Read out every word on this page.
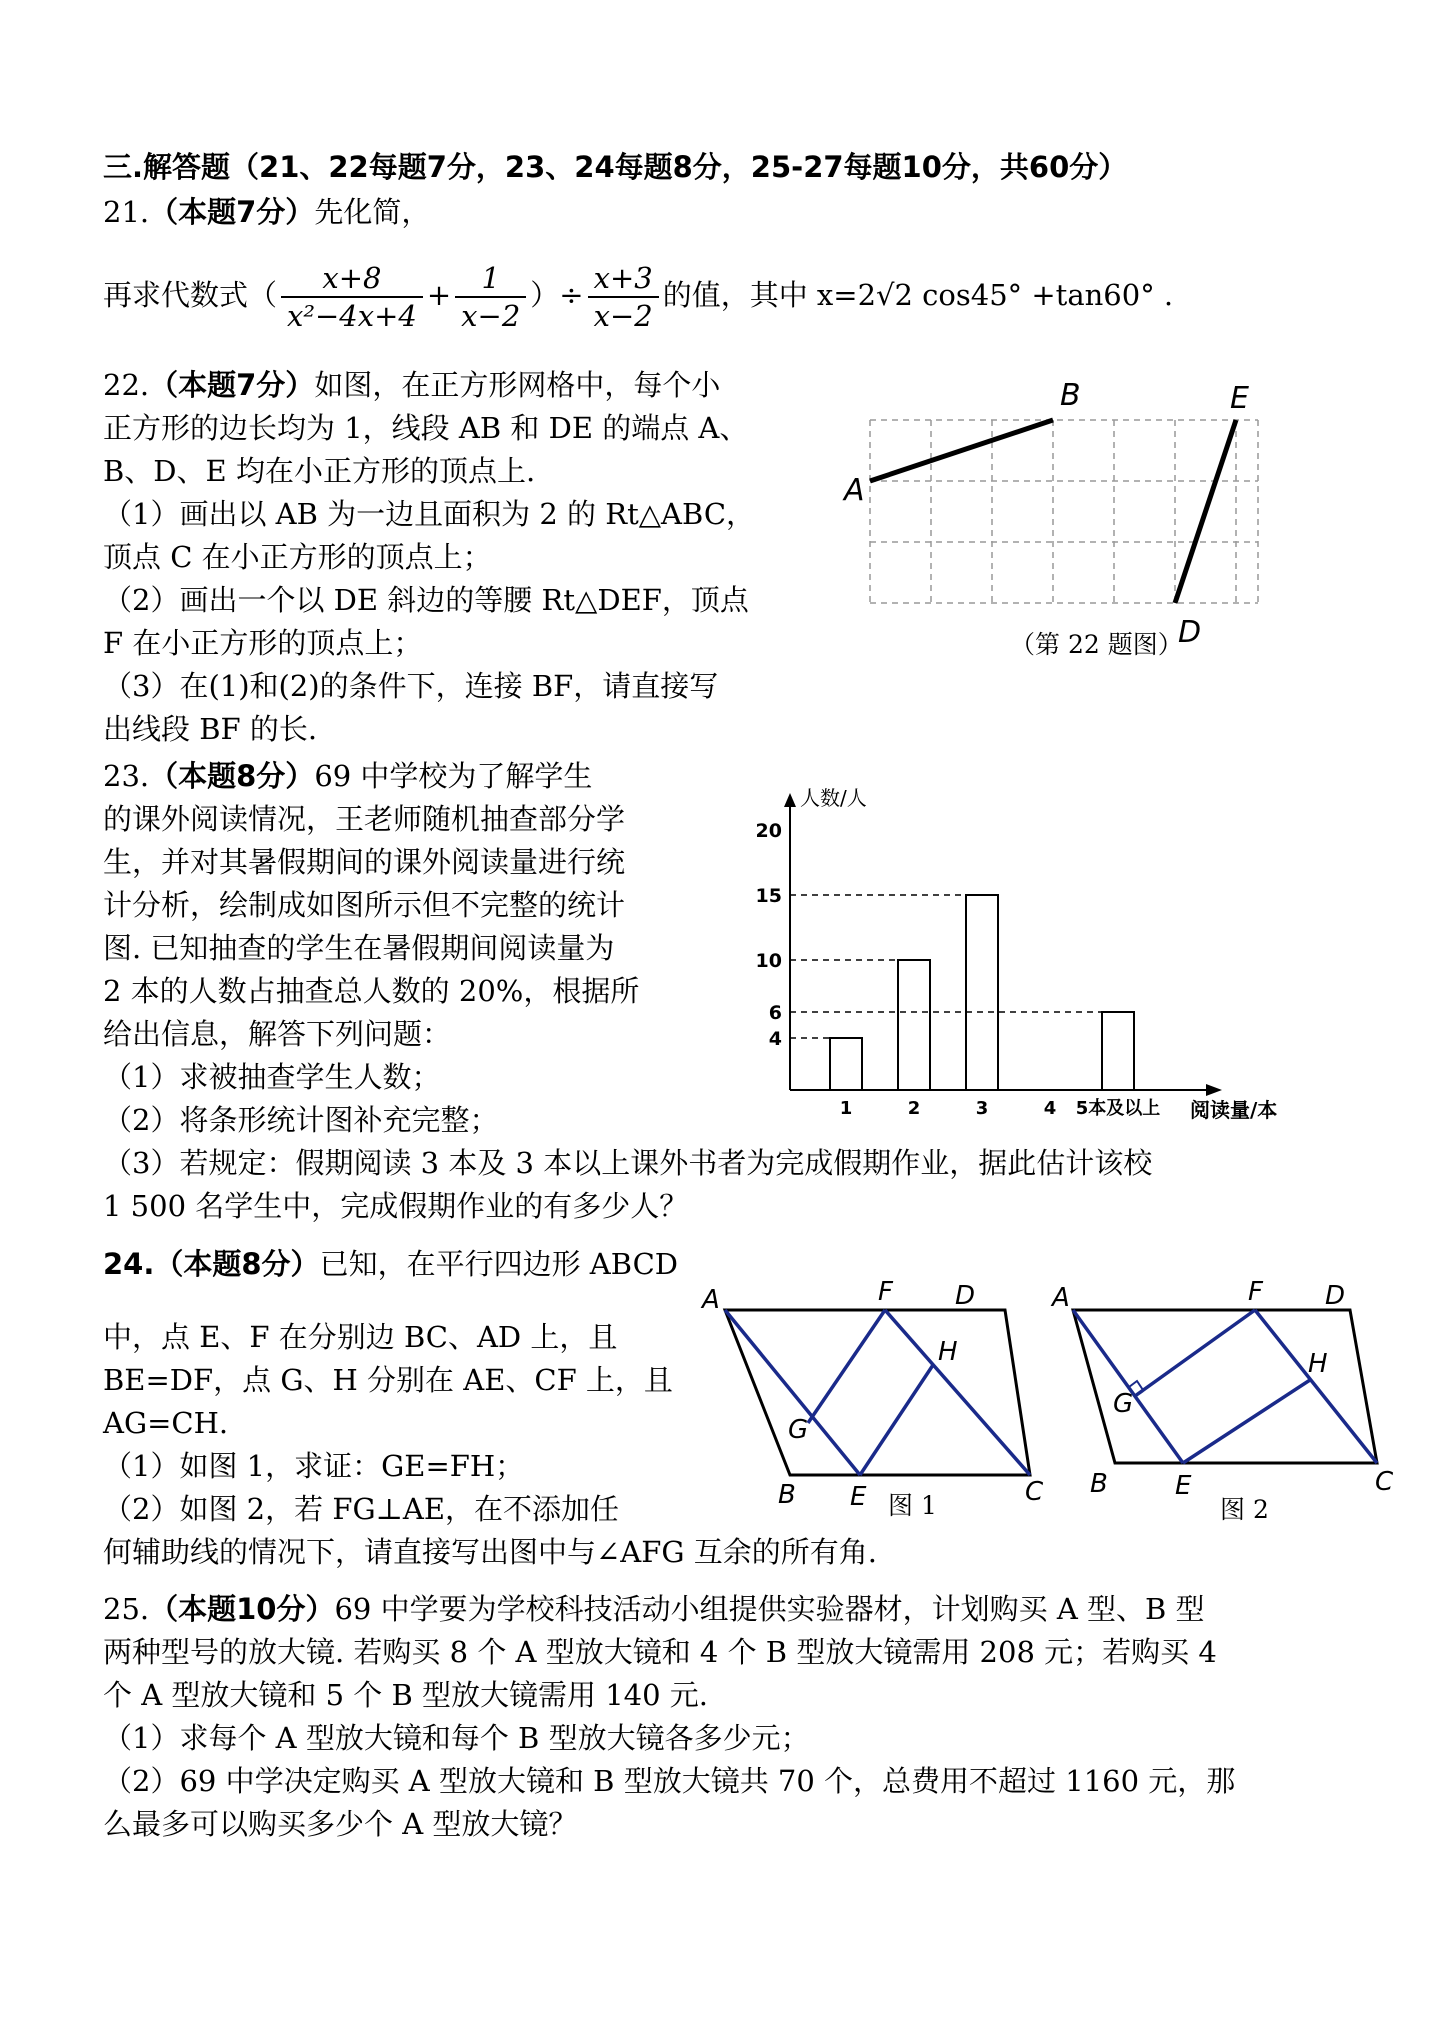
三.解答题（21、22每题7分，23、24每题8分，25-27每题10分，共60分）
21.（本题7分）先化简，
再求代数式（ $\frac{x+8}{\text{x²−4x+4}} + \frac{1}{x-2}$ ）÷ $\frac{x+3}{x-2}$ 的值，其中 x=2√2 cos45° +tan60° .
22.（本题7分）如图，在正方形网格中，每个小
正方形的边长均为 1，线段 AB 和 DE 的端点 A、
B、D、E 均在小正方形的顶点上.
（1）画出以 AB 为一边且面积为 2 的 Rt△ABC，
顶点 C 在小正方形的顶点上；
（2）画出一个以 DE 斜边的等腰 Rt△DEF，顶点
F 在小正方形的顶点上；
（3）在(1)和(2)的条件下，连接 BF，请直接写
出线段 BF 的长.
A
B	E
D
（第 22 题图）
23.（本题8分）69 中学校为了解学生
的课外阅读情况，王老师随机抽查部分学
生，并对其暑假期间的课外阅读量进行统
计分析，绘制成如图所示但不完整的统计
图. 已知抽查的学生在暑假期间阅读量为
2 本的人数占抽查总人数的 20%，根据所
给出信息，解答下列问题：
（1）求被抽查学生人数；
（2）将条形统计图补充完整；
（3）若规定：假期阅读 3 本及 3 本以上课外书者为完成假期作业，据此估计该校
1 500 名学生中，完成假期作业的有多少人？
人数/人
阅读量/本
4
6
10
15
20
1	2	3	4 5本及以上
24.（本题8分）已知，在平行四边形 ABCD
中，点 E、F 在分别边 BC、AD 上，且
BE=DF，点 G、H 分别在 AE、CF 上，且
AG=CH.
（1）如图 1，求证：GE=FH；
（2）如图 2，若 FG⊥AE，在不添加任
何辅助线的情况下，请直接写出图中与∠AFG 互余的所有角.
A	F D
H
G
B E	C
图 1
A	F D
H
G
B	E	C
图 2
25.（本题10分）69 中学要为学校科技活动小组提供实验器材，计划购买 A 型、B 型
两种型号的放大镜. 若购买 8 个 A 型放大镜和 4 个 B 型放大镜需用 208 元；若购买 4
个 A 型放大镜和 5 个 B 型放大镜需用 140 元.
（1）求每个 A 型放大镜和每个 B 型放大镜各多少元；
（2）69 中学决定购买 A 型放大镜和 B 型放大镜共 70 个，总费用不超过 1160 元，那
么最多可以购买多少个 A 型放大镜？
